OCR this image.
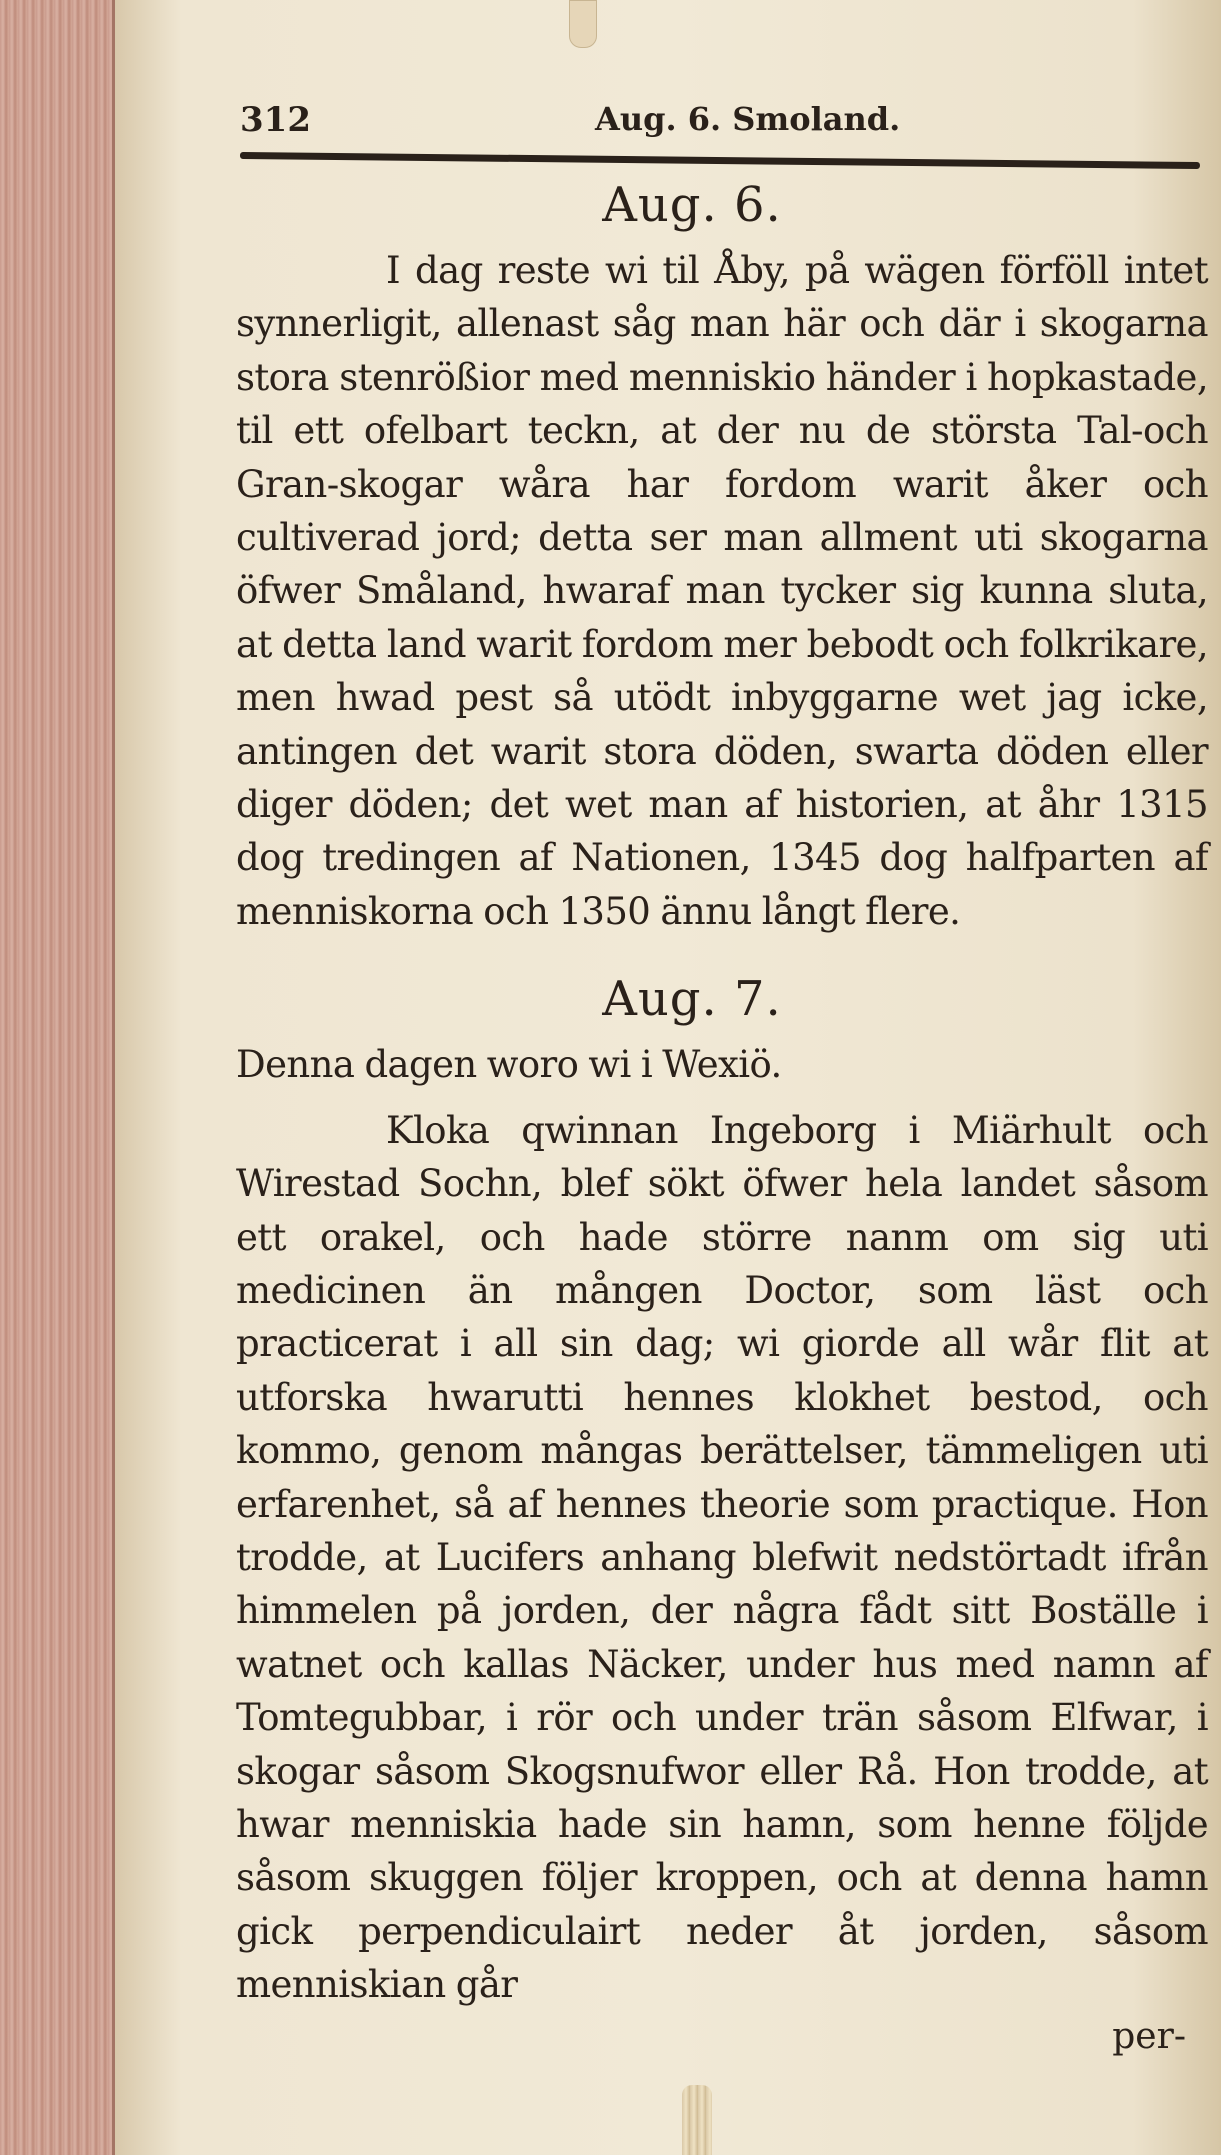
312	Aug. 6. Smoland.
Aug. 6.

I dag reste wi til Åby, på wägen förföll intet synnerligit, allenast såg man här och där i skogarna stora stenrößior med menniskio händer i hopkastade, til ett ofelbart teckn, at der nu de största Tal-och Gran-skogar wåra har fordom warit åker och cultiverad jord; detta ser man allment uti skogarna öfwer Småland, hwaraf man tycker sig kunna sluta, at detta land warit fordom mer bebodt och folkrikare, men hwad pest så utödt inbyggarne wet jag icke, antingen det warit stora döden, swarta döden eller diger döden; det wet man af historien, at åhr 1315 dog tredingen af Nationen, 1345 dog halfparten af menniskorna och 1350 ännu långt flere.

Aug. 7.

Denna dagen woro wi i Wexiö.

Kloka qwinnan Ingeborg i Miärhult och Wirestad Sochn, blef sökt öfwer hela landet såsom ett orakel, och hade större nanm om sig uti medicinen än mången Doctor, som läst och practicerat i all sin dag; wi giorde all wår flit at utforska hwarutti hennes klokhet bestod, och kommo, genom mångas berättelser, tämmeligen uti erfarenhet, så af hennes theorie som practique. Hon trodde, at Lucifers anhang blefwit nedstörtadt ifrån himmelen på jorden, der några fådt sitt Boställe i watnet och kallas Näcker, under hus med namn af Tomtegubbar, i rör och under trän såsom Elfwar, i skogar såsom Skogsnufwor eller Rå. Hon trodde, at hwar menniskia hade sin hamn, som henne följde såsom skuggen följer kroppen, och at denna hamn gick perpendiculairt neder åt jorden, såsom menniskian går

per-
